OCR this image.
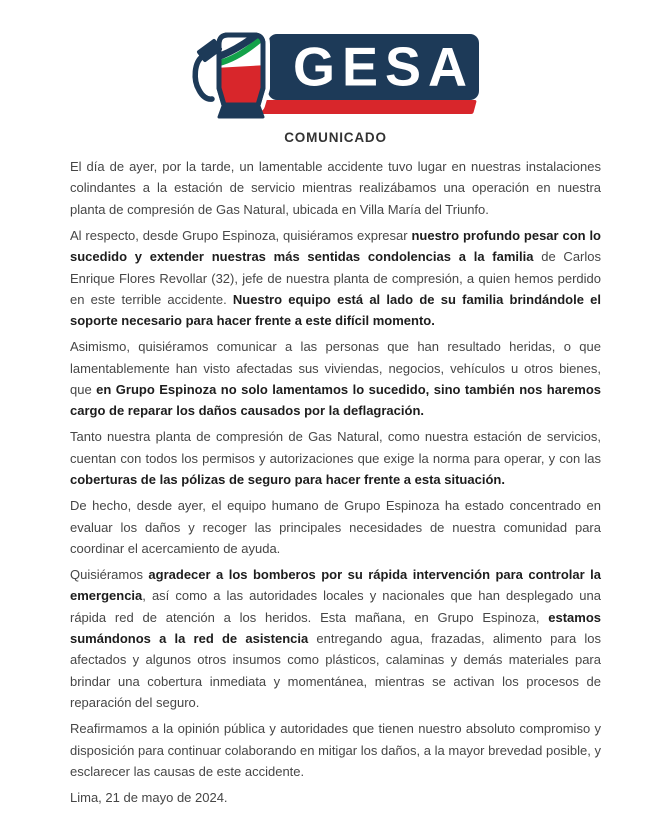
GESA
COMUNICADO

El día de ayer, por la tarde, un lamentable accidente tuvo lugar en nuestras instalaciones colindantes a la estación de servicio mientras realizábamos una operación en nuestra planta de compresión de Gas Natural, ubicada en Villa María del Triunfo.

Al respecto, desde Grupo Espinoza, quisiéramos expresar nuestro profundo pesar con lo sucedido y extender nuestras más sentidas condolencias a la familia de Carlos Enrique Flores Revollar (32), jefe de nuestra planta de compresión, a quien hemos perdido en este terrible accidente. Nuestro equipo está al lado de su familia brindándole el soporte necesario para hacer frente a este difícil momento.

Asimismo, quisiéramos comunicar a las personas que han resultado heridas, o que lamentablemente han visto afectadas sus viviendas, negocios, vehículos u otros bienes, que en Grupo Espinoza no solo lamentamos lo sucedido, sino también nos haremos cargo de reparar los daños causados por la deflagración.

Tanto nuestra planta de compresión de Gas Natural, como nuestra estación de servicios, cuentan con todos los permisos y autorizaciones que exige la norma para operar, y con las coberturas de las pólizas de seguro para hacer frente a esta situación.

De hecho, desde ayer, el equipo humano de Grupo Espinoza ha estado concentrado en evaluar los daños y recoger las principales necesidades de nuestra comunidad para coordinar el acercamiento de ayuda.

Quisiéramos agradecer a los bomberos por su rápida intervención para controlar la emergencia, así como a las autoridades locales y nacionales que han desplegado una rápida red de atención a los heridos. Esta mañana, en Grupo Espinoza, estamos sumándonos a la red de asistencia entregando agua, frazadas, alimento para los afectados y algunos otros insumos como plásticos, calaminas y demás materiales para brindar una cobertura inmediata y momentánea, mientras se activan los procesos de reparación del seguro.

Reafirmamos a la opinión pública y autoridades que tienen nuestro absoluto compromiso y disposición para continuar colaborando en mitigar los daños, a la mayor brevedad posible, y esclarecer las causas de este accidente.

Lima, 21 de mayo de 2024.
